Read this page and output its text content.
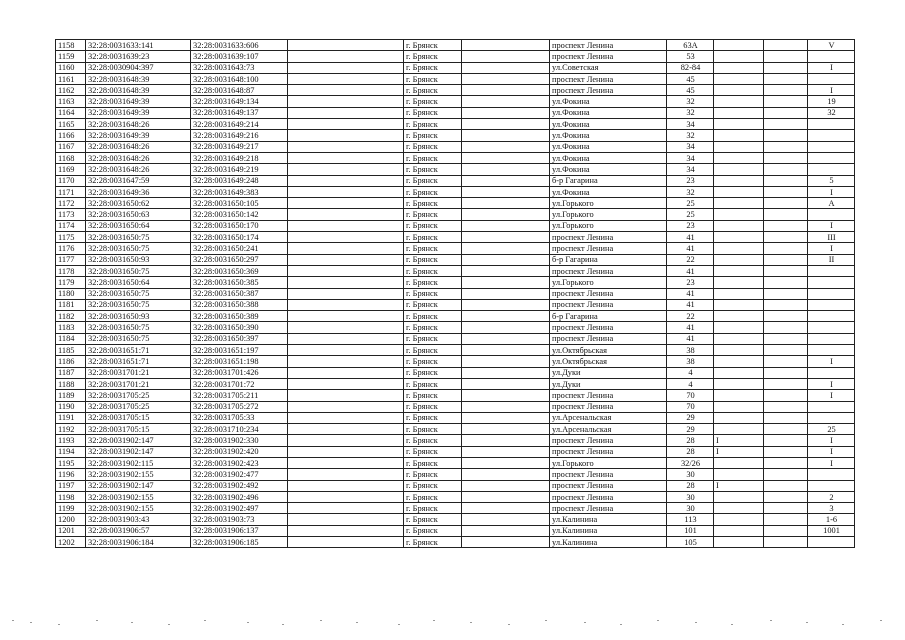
1158	32:28:0031633:141	32:28:0031633:606		г. Брянск		проспект Ленина	63А			V
1159	32:28:0031639:23	32:28:0031639:107		г. Брянск		проспект Ленина	53			
1160	32:28:0030904:397	32:28:0031643:73		г. Брянск		ул.Советская	82-84			I
1161	32:28:0031648:39	32:28:0031648:100		г. Брянск		проспект Ленина	45			
1162	32:28:0031648:39	32:28:0031648:87		г. Брянск		проспект Ленина	45			I
1163	32:28:0031649:39	32:28:0031649:134		г. Брянск		ул.Фокина	32			19
1164	32:28:0031649:39	32:28:0031649:137		г. Брянск		ул.Фокина	32			32
1165	32:28:0031648:26	32:28:0031649:214		г. Брянск		ул.Фокина	34			
1166	32:28:0031649:39	32:28:0031649:216		г. Брянск		ул.Фокина	32			
1167	32:28:0031648:26	32:28:0031649:217		г. Брянск		ул.Фокина	34			
1168	32:28:0031648:26	32:28:0031649:218		г. Брянск		ул.Фокина	34			
1169	32:28:0031648:26	32:28:0031649:219		г. Брянск		ул.Фокина	34			
1170	32:28:0031647:59	32:28:0031649:248		г. Брянск		б-р Гагарина	23			5
1171	32:28:0031649:36	32:28:0031649:383		г. Брянск		ул.Фокина	32			I
1172	32:28:0031650:62	32:28:0031650:105		г. Брянск		ул.Горького	25			А
1173	32:28:0031650:63	32:28:0031650:142		г. Брянск		ул.Горького	25			
1174	32:28:0031650:64	32:28:0031650:170		г. Брянск		ул.Горького	23			I
1175	32:28:0031650:75	32:28:0031650:174		г. Брянск		проспект Ленина	41			III
1176	32:28:0031650:75	32:28:0031650:241		г. Брянск		проспект Ленина	41			I
1177	32:28:0031650:93	32:28:0031650:297		г. Брянск		б-р Гагарина	22			II
1178	32:28:0031650:75	32:28:0031650:369		г. Брянск		проспект Ленина	41			
1179	32:28:0031650:64	32:28:0031650:385		г. Брянск		ул.Горького	23			
1180	32:28:0031650:75	32:28:0031650:387		г. Брянск		проспект Ленина	41			
1181	32:28:0031650:75	32:28:0031650:388		г. Брянск		проспект Ленина	41			
1182	32:28:0031650:93	32:28:0031650:389		г. Брянск		б-р Гагарина	22			
1183	32:28:0031650:75	32:28:0031650:390		г. Брянск		проспект Ленина	41			
1184	32:28:0031650:75	32:28:0031650:397		г. Брянск		проспект Ленина	41			
1185	32:28:0031651:71	32:28:0031651:197		г. Брянск		ул.Октябрьская	38			
1186	32:28:0031651:71	32:28:0031651:198		г. Брянск		ул.Октябрьская	38			I
1187	32:28:0031701:21	32:28:0031701:426		г. Брянск		ул.Дуки	4			
1188	32:28:0031701:21	32:28:0031701:72		г. Брянск		ул.Дуки	4			I
1189	32:28:0031705:25	32:28:0031705:211		г. Брянск		проспект Ленина	70			I
1190	32:28:0031705:25	32:28:0031705:272		г. Брянск		проспект Ленина	70			
1191	32:28:0031705:15	32:28:0031705:33		г. Брянск		ул.Арсенальская	29			
1192	32:28:0031705:15	32:28:0031710:234		г. Брянск		ул.Арсенальская	29			25
1193	32:28:0031902:147	32:28:0031902:330		г. Брянск		проспект Ленина	28	I		I
1194	32:28:0031902:147	32:28:0031902:420		г. Брянск		проспект Ленина	28	I		I
1195	32:28:0031902:115	32:28:0031902:423		г. Брянск		ул.Горького	32/26			I
1196	32:28:0031902:155	32:28:0031902:477		г. Брянск		проспект Ленина	30			
1197	32:28:0031902:147	32:28:0031902:492		г. Брянск		проспект Ленина	28	I		
1198	32:28:0031902:155	32:28:0031902:496		г. Брянск		проспект Ленина	30			2
1199	32:28:0031902:155	32:28:0031902:497		г. Брянск		проспект Ленина	30			3
1200	32:28:0031903:43	32:28:0031903:73		г. Брянск		ул.Калинина	113			1-6
1201	32:28:0031906:57	32:28:0031906:137		г. Брянск		ул.Калинина	101			1001
1202	32:28:0031906:184	32:28:0031906:185		г. Брянск		ул.Калинина	105			
